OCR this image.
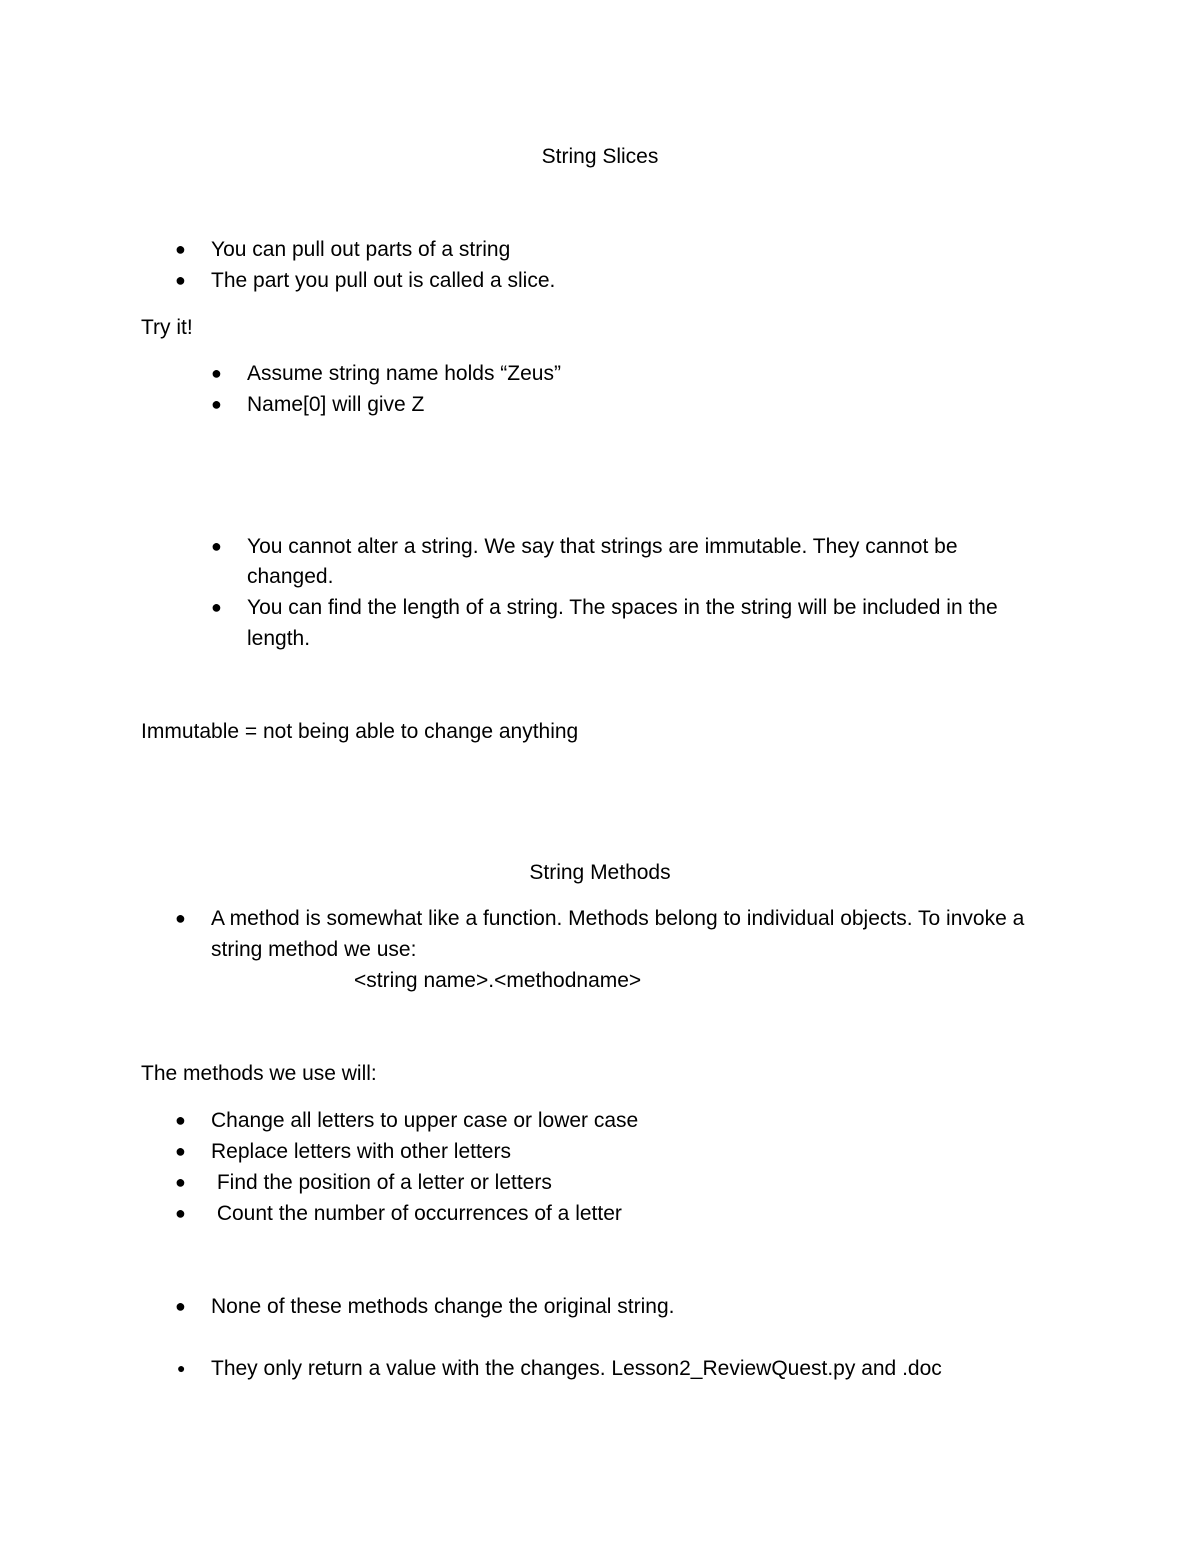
String Slices

● You can pull out parts of a string

● The part you pull out is called a slice.

Try it!

● Assume string name holds “Zeus”

● Name[0] will give Z

● You cannot alter a string. We say that strings are immutable. They cannot be

changed.

● You can find the length of a string. The spaces in the string will be included in the

length.

Immutable = not being able to change anything

String Methods

● A method is somewhat like a function. Methods belong to individual objects. To invoke a

string method we use:

<string name>.<methodname>

The methods we use will:

● Change all letters to upper case or lower case

● Replace letters with other letters

● Find the position of a letter or letters

● Count the number of occurrences of a letter

● None of these methods change the original string.

● They only return a value with the changes. Lesson2_ReviewQuest.py and .doc
